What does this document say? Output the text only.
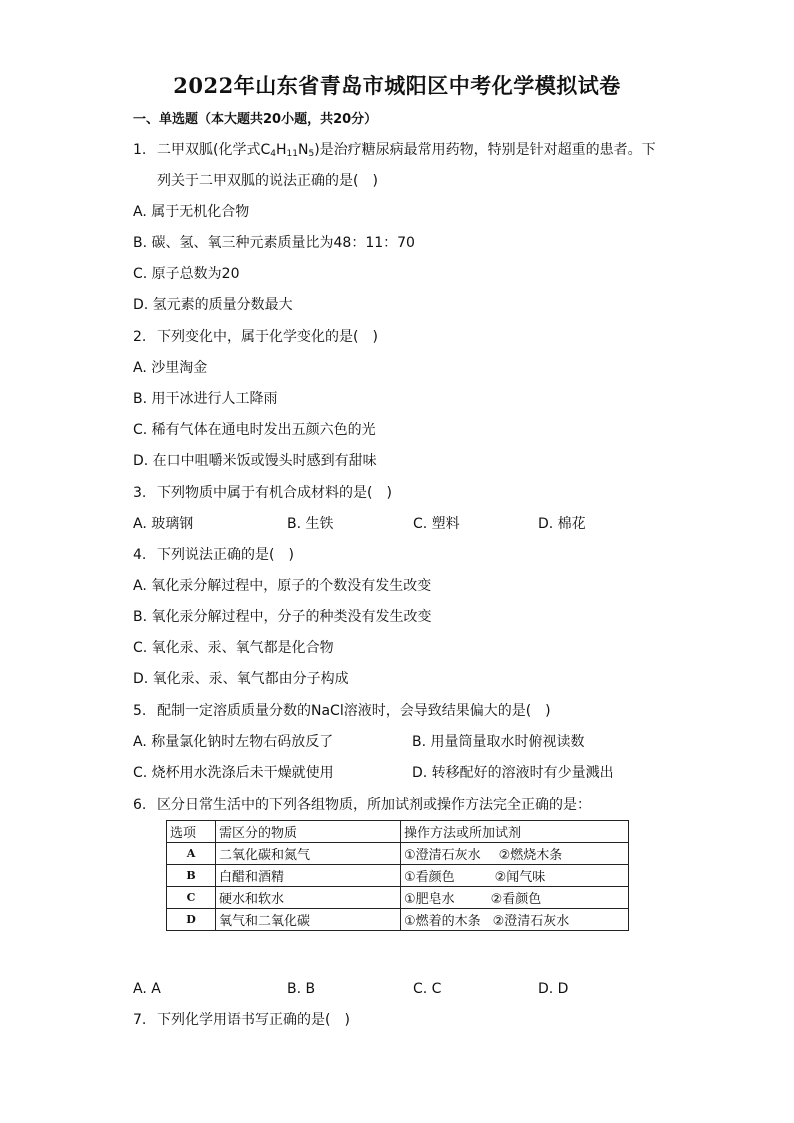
2022年山东省青岛市城阳区中考化学模拟试卷
一、单选题（本大题共20小题，共20分）
1. 二甲双胍(化学式$C_4H_{11}N_5$)是治疗糖尿病最常用药物，特别是针对超重的患者。下
列关于二甲双胍的说法正确的是(　)
A. 属于无机化合物
B. 碳、氢、氧三种元素质量比为48：11：70
C. 原子总数为20
D. 氢元素的质量分数最大
2. 下列变化中，属于化学变化的是(　)
A. 沙里淘金
B. 用干冰进行人工降雨
C. 稀有气体在通电时发出五颜六色的光
D. 在口中咀嚼米饭或馒头时感到有甜味
3. 下列物质中属于有机合成材料的是(　)
A. 玻璃钢	B. 生铁	C. 塑料	D. 棉花
4. 下列说法正确的是(　)
A. 氧化汞分解过程中，原子的个数没有发生改变
B. 氧化汞分解过程中，分子的种类没有发生改变
C. 氧化汞、汞、氧气都是化合物
D. 氧化汞、汞、氧气都由分子构成
5. 配制一定溶质质量分数的NaCl溶液时，会导致结果偏大的是(　)
A. 称量氯化钠时左物右码放反了	B. 用量筒量取水时俯视读数
C. 烧杯用水洗涤后未干燥就使用	D. 转移配好的溶液时有少量溅出
6. 区分日常生活中的下列各组物质，所加试剂或操作方法完全正确的是：
选项	需区分的物质	操作方法或所加试剂
A	二氧化碳和氮气	①澄清石灰水 ②燃烧木条
B	白醋和酒精	①看颜色 ②闻气味
C	硬水和软水	①肥皂水 ②看颜色
D	氧气和二氧化碳	①燃着的木条 ②澄清石灰水
A. A	B. B	C. C	D. D
7. 下列化学用语书写正确的是(　)
